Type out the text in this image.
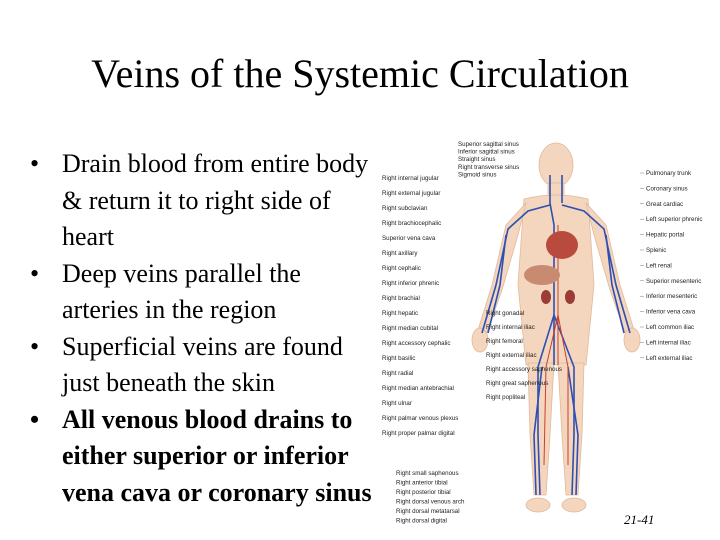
Veins of the Systemic Circulation
• Drain blood from entire body & return it to right side of heart
• Deep veins parallel the arteries in the region
• Superficial veins are found just beneath the skin
• All venous blood drains to either superior or inferior vena cava or coronary sinus
Superior sagittal sinus
Inferior sagittal sinus
Straight sinus
Right transverse sinus
Sigmoid sinus
Right internal jugular
Right external jugular
Right subclavian
Right brachiocephalic
Superior vena cava
Right axillary
Right cephalic
Right inferior phrenic
Right brachial
Right hepatic
Right median cubital
Right accessory cephalic
Right basilic
Right radial
Right median antebrachial
Right ulnar
Right palmar venous plexus
Right proper palmar digital
Right gonadal
Right internal iliac
Right femoral
Right external iliac
Right accessory saphenous
Right great saphenous
Right popliteal
Pulmonary trunk
Coronary sinus
Great cardiac
Left superior phrenic
Hepatic portal
Splenic
Left renal
Superior mesenteric
Inferior mesenteric
Inferior vena cava
Left common iliac
Left internal iliac
Left external iliac
Right small saphenous
Right anterior tibial
Right posterior tibial
Right dorsal venous arch
Right dorsal metatarsal
Right dorsal digital	21-41
